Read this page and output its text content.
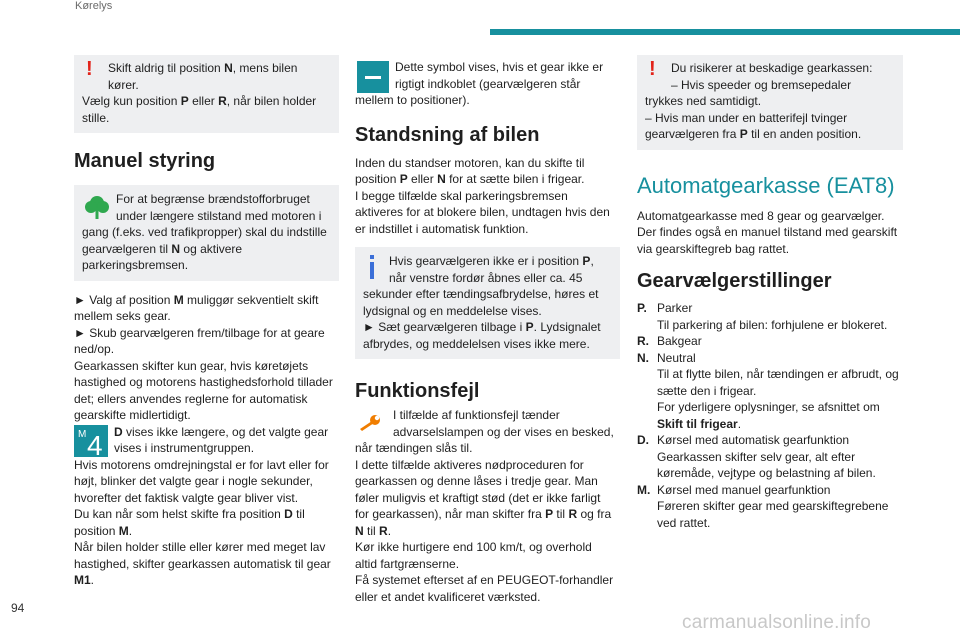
Kørelys
94
carmanualsonline.info
! Skift aldrig til position N, mens bilen

kører.

Vælg kun position P eller R, når bilen holder

stille.

Manuel styring

For at begrænse brændstofforbruget

under længere stilstand med motoren i

gang (f.eks. ved trafikpropper) skal du indstille

gearvælgeren til N og aktivere

parkeringsbremsen.

► Valg af position M muliggør sekventielt skift

mellem seks gear.

► Skub gearvælgeren frem/tilbage for at geare

ned/op.

Gearkassen skifter kun gear, hvis køretøjets

hastighed og motorens hastighedsforhold tillader

det; ellers anvendes reglerne for automatisk

gearskifte midlertidigt.

M 4 D vises ikke længere, og det valgte gear

vises i instrumentgruppen.

Hvis motorens omdrejningstal er for lavt eller for

højt, blinker det valgte gear i nogle sekunder,

hvorefter det faktisk valgte gear bliver vist.

Du kan når som helst skifte fra position D til

position M.

Når bilen holder stille eller kører med meget lav

hastighed, skifter gearkassen automatisk til gear

M1.

Dette symbol vises, hvis et gear ikke er

rigtigt indkoblet (gearvælgeren står

mellem to positioner).

Standsning af bilen

Inden du standser motoren, kan du skifte til

position P eller N for at sætte bilen i frigear.

I begge tilfælde skal parkeringsbremsen

aktiveres for at blokere bilen, undtagen hvis den

er indstillet i automatisk funktion.

Hvis gearvælgeren ikke er i position P,

når venstre fordør åbnes eller ca. 45

sekunder efter tændingsafbrydelse, høres et

lydsignal og en meddelelse vises.

► Sæt gearvælgeren tilbage i P. Lydsignalet

afbrydes, og meddelelsen vises ikke mere.

Funktionsfejl

I tilfælde af funktionsfejl tænder

advarselslampen og der vises en besked,

når tændingen slås til.

I dette tilfælde aktiveres nødproceduren for

gearkassen og denne låses i tredje gear. Man

føler muligvis et kraftigt stød (det er ikke farligt

for gearkassen), når man skifter fra P til R og fra

N til R.

Kør ikke hurtigere end 100 km/t, og overhold

altid fartgrænserne.

Få systemet efterset af en PEUGEOT-forhandler

eller et andet kvalificeret værksted.

! Du risikerer at beskadige gearkassen:

– Hvis speeder og bremsepedaler

trykkes ned samtidigt.

– Hvis man under en batterifejl tvinger

gearvælgeren fra P til en anden position.

Automatgearkasse (EAT8)

Automatgearkasse med 8 gear og gearvælger.

Der findes også en manuel tilstand med gearskift

via gearskiftegreb bag rattet.

Gearvælgerstillinger

P. Parker

Til parkering af bilen: forhjulene er blokeret.

R. Bakgear

N. Neutral

Til at flytte bilen, når tændingen er afbrudt, og

sætte den i frigear.

For yderligere oplysninger, se afsnittet om

Skift til frigear.

D. Kørsel med automatisk gearfunktion

Gearkassen skifter selv gear, alt efter

køremåde, vejtype og belastning af bilen.

M. Kørsel med manuel gearfunktion

Føreren skifter gear med gearskiftegrebene

ved rattet.
